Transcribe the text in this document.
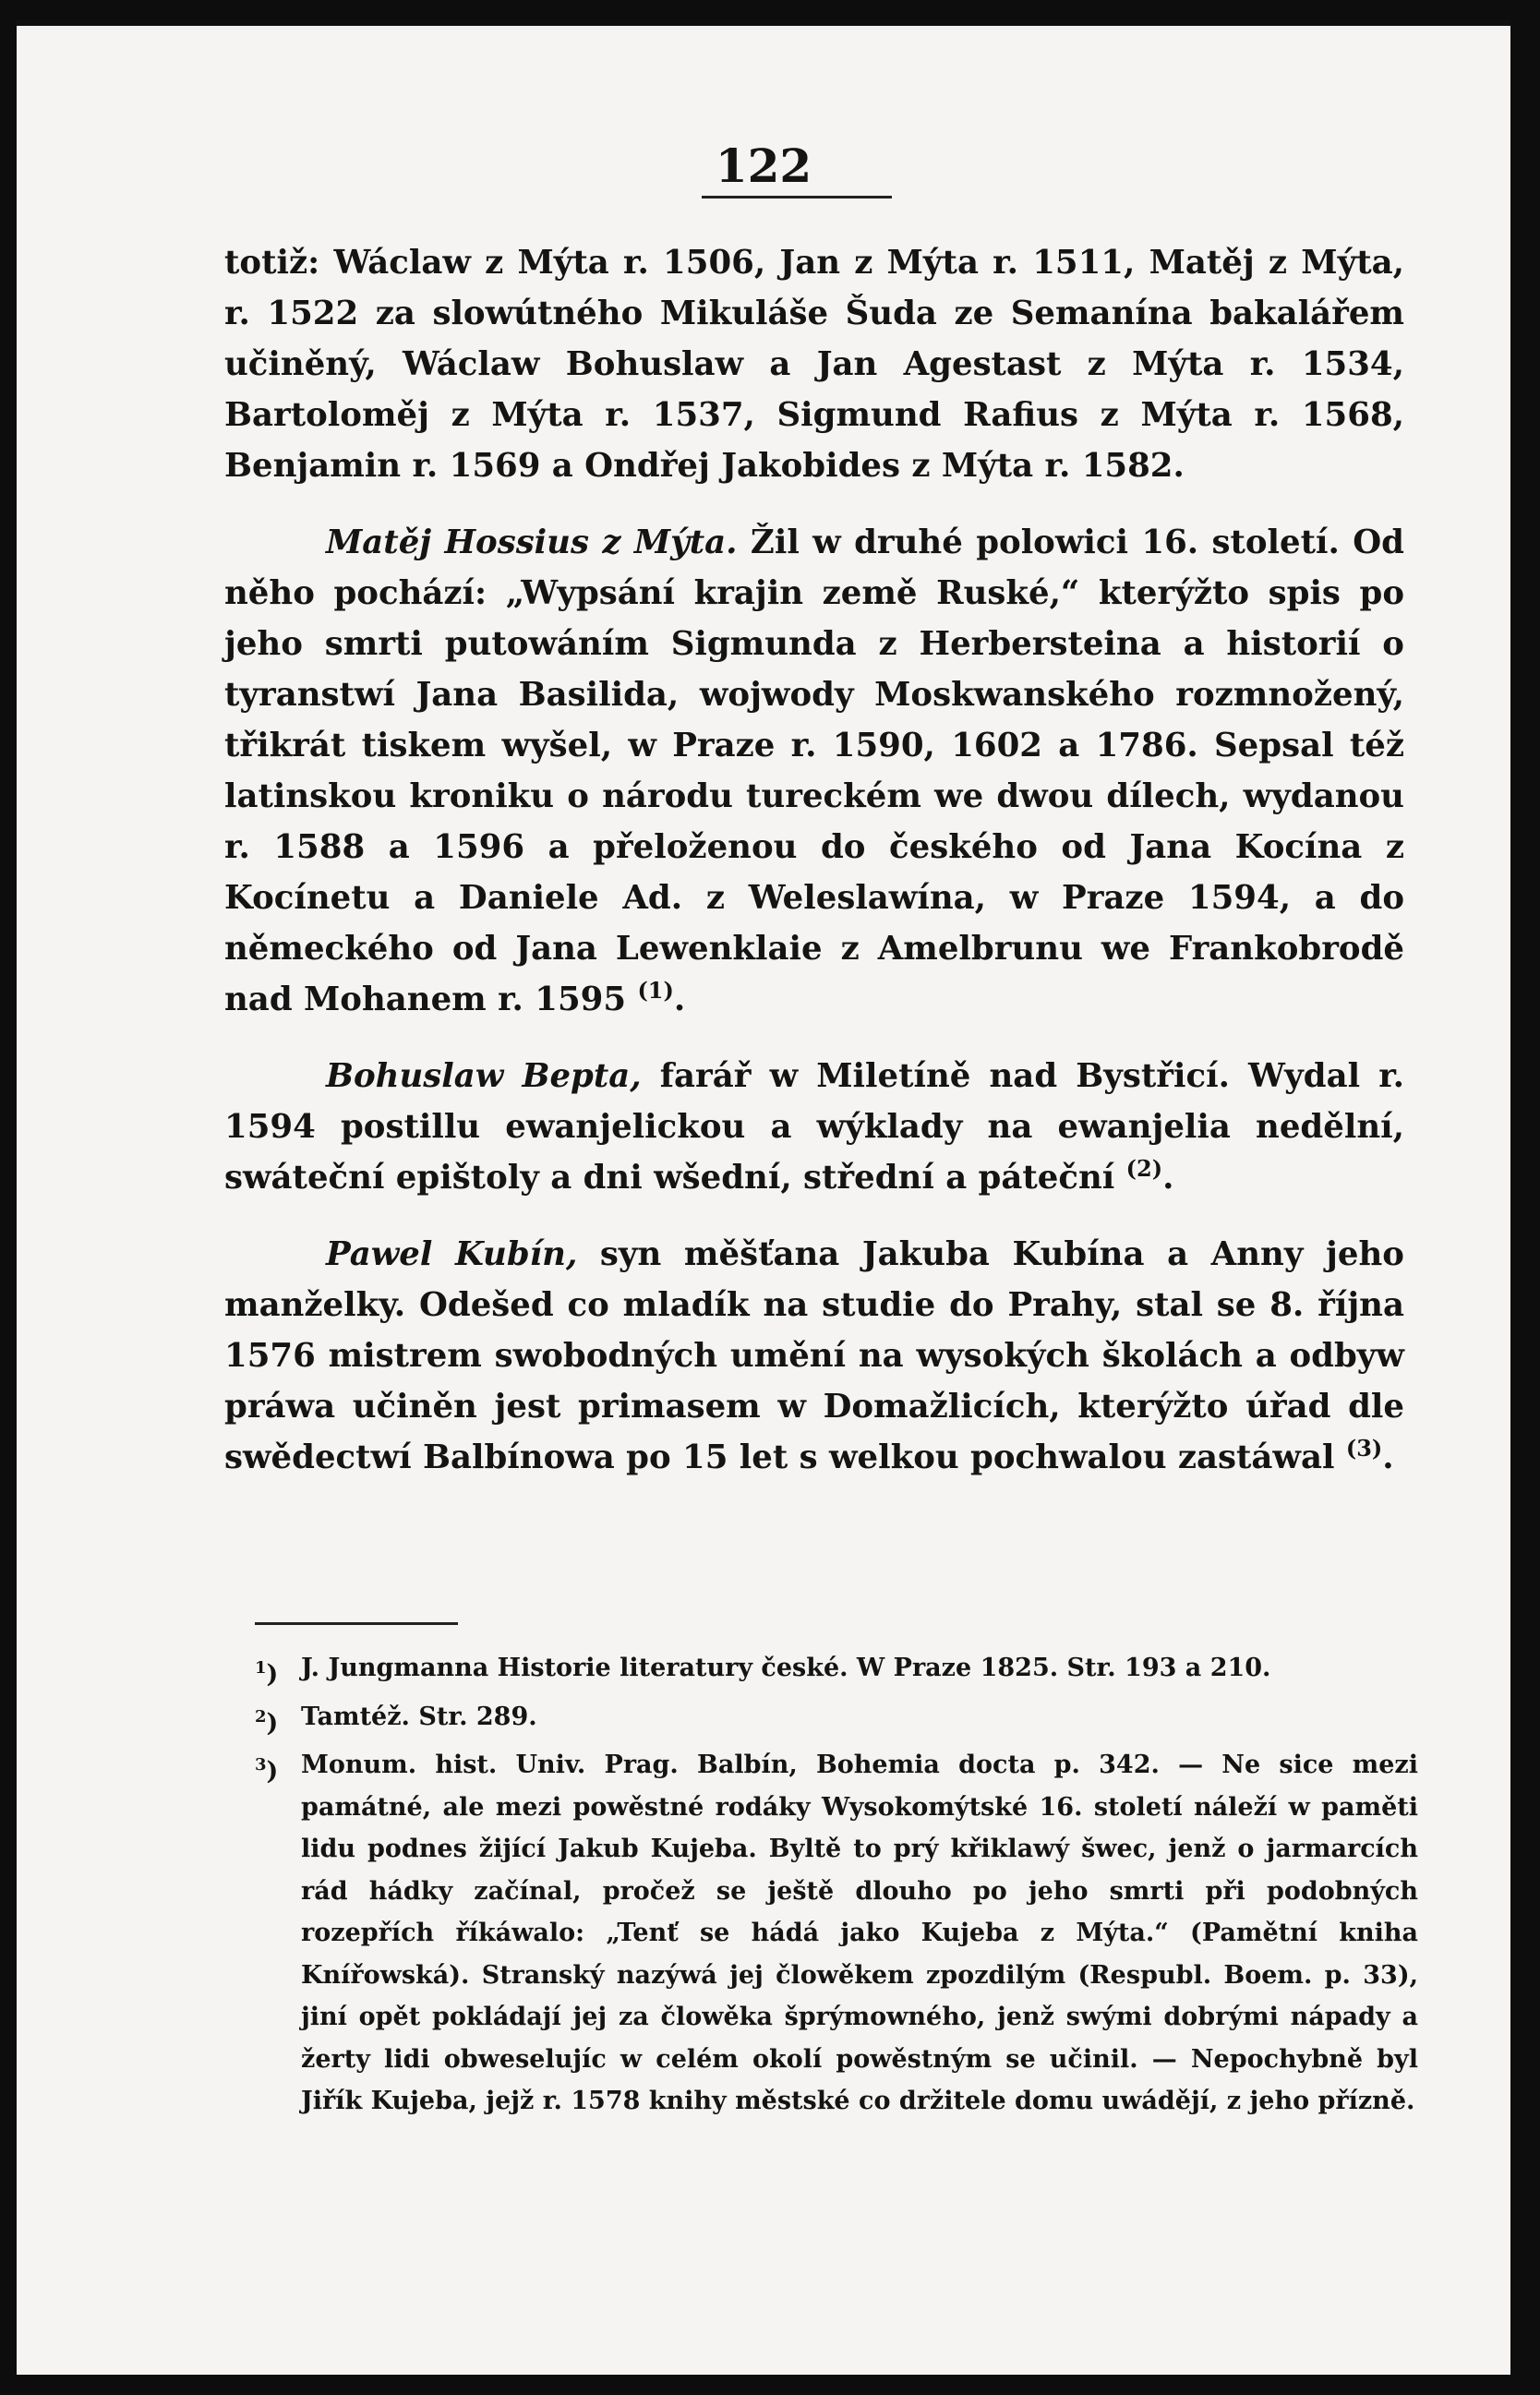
122

totiž: Wáclaw z Mýta r. 1506, Jan z Mýta r. 1511, Matěj z Mýta, r. 1522 za slowútného Mikuláše Šuda ze Semanína bakalářem učiněný, Wáclaw Bohuslaw a Jan Agestast z Mýta r. 1534, Bartoloměj z Mýta r. 1537, Sigmund Rafius z Mýta r. 1568, Benjamin r. 1569 a Ondřej Jakobides z Mýta r. 1582.

Matěj Hossius z Mýta. Žil w druhé polowici 16. století. Od něho pochází: „Wypsání krajin země Ruské,“ kterýžto spis po jeho smrti putowáním Sigmunda z Herbersteina a historií o tyranstwí Jana Basilida, wojwody Moskwanského rozmnožený, třikrát tiskem wyšel, w Praze r. 1590, 1602 a 1786. Sepsal též latinskou kroniku o národu tureckém we dwou dílech, wydanou r. 1588 a 1596 a přeloženou do českého od Jana Kocína z Kocínetu a Daniele Ad. z Weleslawína, w Praze 1594, a do německého od Jana Lewenklaie z Amelbrunu we Frankobrodě nad Mohanem r. 1595 $^{(1)}$.

Bohuslaw Bepta, farář w Miletíně nad Bystřicí. Wydal r. 1594 postillu ewanjelickou a wýklady na ewanjelia nedělní, swáteční epištoly a dni wšední, střední a páteční $^{(2)}$.

Pawel Kubín, syn měšťana Jakuba Kubína a Anny jeho manželky. Odešed co mladík na studie do Prahy, stal se 8. října 1576 mistrem swobodných umění na wysokých školách a odbyw práwa učiněn jest primasem w Domažlicích, kterýžto úřad dle swědectwí Balbínowa po 15 let s welkou pochwalou zastáwal $^{(3)}$.

$^1$) J. Jungmanna Historie literatury české. W Praze 1825. Str. 193 a 210.
$^2$) Tamtéž. Str. 289.
$^3$) Monum. hist. Univ. Prag. Balbín, Bohemia docta p. 342. — Ne sice mezi památné, ale mezi powěstné rodáky Wysokomýtské 16. století náleží w paměti lidu podnes žijící Jakub Kujeba. Byltě to prý křiklawý šwec, jenž o jarmarcích rád hádky začínal, pročež se ještě dlouho po jeho smrti při podobných rozepřích říkáwalo: „Tenť se hádá jako Kujeba z Mýta.“ (Pamětní kniha Knířowská). Stranský nazýwá jej člowěkem zpozdilým (Respubl. Boem. p. 33), jiní opět pokládají jej za člowěka šprýmowného, jenž swými dobrými nápady a žerty lidi obweselujíc w celém okolí powěstným se učinil. — Nepochybně byl Jiřík Kujeba, jejž r. 1578 knihy městské co držitele domu uwádějí, z jeho přízně.
